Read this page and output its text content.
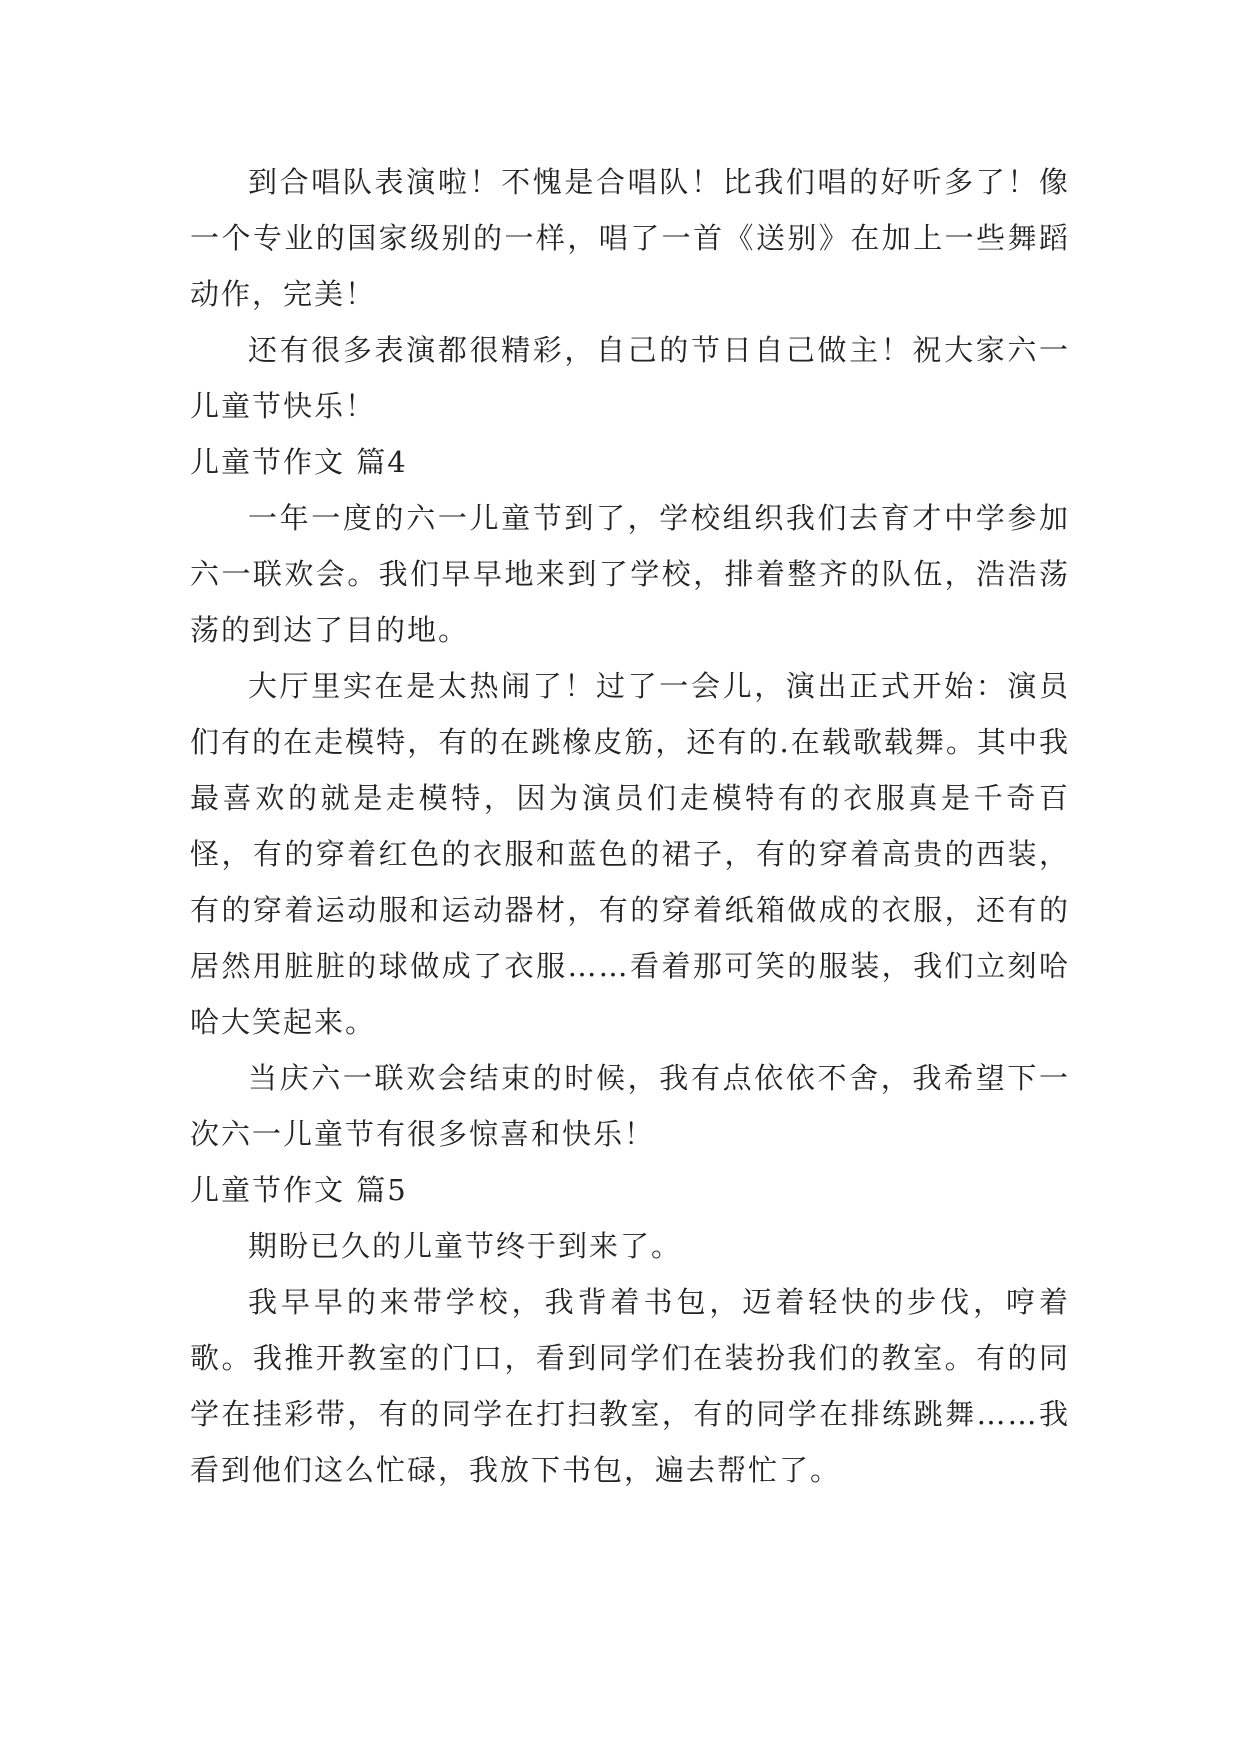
到合唱队表演啦！不愧是合唱队！比我们唱的好听多了！像一个专业的国家级别的一样，唱了一首《送别》在加上一些舞蹈动作，完美！

还有很多表演都很精彩，自己的节日自己做主！祝大家六一儿童节快乐！

儿童节作文 篇4

一年一度的六一儿童节到了，学校组织我们去育才中学参加六一联欢会。我们早早地来到了学校，排着整齐的队伍，浩浩荡荡的到达了目的地。

大厅里实在是太热闹了！过了一会儿，演出正式开始：演员们有的在走模特，有的在跳橡皮筋，还有的.在载歌载舞。其中我最喜欢的就是走模特，因为演员们走模特有的衣服真是千奇百怪，有的穿着红色的衣服和蓝色的裙子，有的穿着高贵的西装，有的穿着运动服和运动器材，有的穿着纸箱做成的衣服，还有的居然用脏脏的球做成了衣服……看着那可笑的服装，我们立刻哈哈大笑起来。

当庆六一联欢会结束的时候，我有点依依不舍，我希望下一次六一儿童节有很多惊喜和快乐！

儿童节作文 篇5

期盼已久的儿童节终于到来了。

我早早的来带学校，我背着书包，迈着轻快的步伐，哼着歌。我推开教室的门口，看到同学们在装扮我们的教室。有的同学在挂彩带，有的同学在打扫教室，有的同学在排练跳舞……我看到他们这么忙碌，我放下书包，遍去帮忙了。
